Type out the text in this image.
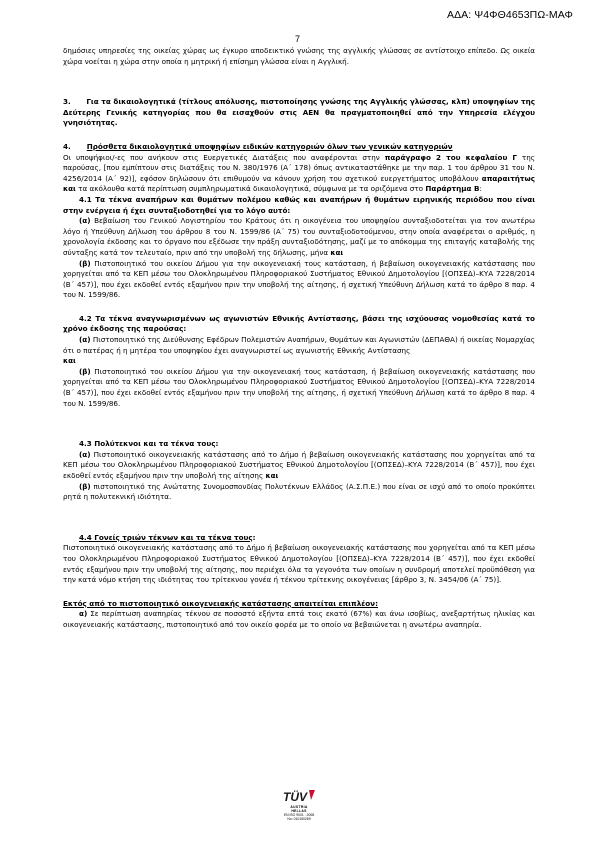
ΑΔΑ: Ψ4ΦΘ4653ΠΩ-ΜΑΦ
7

δημόσιες υπηρεσίες της οικείας χώρας ως έγκυρο αποδεικτικό γνώσης της αγγλικής γλώσσας σε αντίστοιχο επίπεδο. Ως οικεία χώρα νοείται η χώρα στην οποία η μητρική ή επίσημη γλώσσα είναι η Αγγλική.

3.      Για τα δικαιολογητικά (τίτλους απόλυσης, πιστοποίησης γνώσης της Αγγλικής γλώσσας, κλπ) υποψηφίων της Δεύτερης Γενικής κατηγορίας που θα εισαχθούν στις ΑΕΝ θα πραγματοποιηθεί από την Υπηρεσία ελέγχου γνησιότητας.

4. Πρόσθετα δικαιολογητικά υποψηφίων ειδικών κατηγοριών όλων των γενικών κατηγοριών

Οι υποψήφιοι/-ες που ανήκουν στις Ευεργετικές Διατάξεις που αναφέρονται στην παράγραφο 2 του κεφαλαίου Γ της παρούσας, [που εμπίπτουν στις διατάξεις του Ν. 380/1976 (Α΄ 178) όπως αντικαταστάθηκε με την παρ. 1 του άρθρου 31 του Ν. 4256/2014 (Α΄ 92)], εφόσον δηλώσουν ότι επιθυμούν να κάνουν χρήση του σχετικού ευεργετήματος υποβάλουν απαραιτήτως και τα ακόλουθα κατά περίπτωση συμπληρωματικά δικαιολογητικά, σύμφωνα με τα οριζόμενα στο Παράρτημα Β:

4.1 Τα τέκνα αναπήρων και θυμάτων πολέμου καθώς και αναπήρων ή θυμάτων ειρηνικής περιόδου που είναι στην ενέργεια ή έχει συνταξιοδοτηθεί για το λόγο αυτό:

(α) Βεβαίωση του Γενικού Λογιστηρίου του Κράτους ότι η οικογένεια του υποψηφίου συνταξιοδοτείται για τον ανωτέρω λόγο ή Υπεύθυνη Δήλωση του άρθρου 8 του Ν. 1599/86 (Α΄ 75) του συνταξιοδοτούμενου, στην οποία αναφέρεται ο αριθμός, η χρονολογία έκδοσης και το όργανο που εξέδωσε την πράξη συνταξιοδότησης, μαζί με το απόκομμα της επιταγής καταβολής της σύνταξης κατά τον τελευταίο, πριν από την υποβολή της δήλωσης, μήνα και

(β) Πιστοποιητικό του οικείου Δήμου για την οικογενειακή τους κατάσταση, ή βεβαίωση οικογενειακής κατάστασης που χορηγείται από τα ΚΕΠ μέσω του Ολοκληρωμένου Πληροφοριακού Συστήματος Εθνικού Δημοτολογίου [(ΟΠΣΕΔ)–ΚΥΑ 7228/2014 (Β΄ 457)], που έχει εκδοθεί εντός εξαμήνου πριν την υποβολή της αίτησης, ή σχετική Υπεύθυνη Δήλωση κατά το άρθρο 8 παρ. 4 του Ν. 1599/86.

4.2 Τα τέκνα αναγνωρισμένων ως αγωνιστών Εθνικής Αντίστασης, βάσει της ισχύουσας νομοθεσίας κατά το χρόνο έκδοσης της παρούσας:

(α) Πιστοποιητικό της Διεύθυνσης Εφέδρων Πολεμιστών Αναπήρων, Θυμάτων και Αγωνιστών (ΔΕΠΑΘΑ) ή οικείας Νομαρχίας ότι ο πατέρας ή η μητέρα του υποψηφίου έχει αναγνωριστεί ως αγωνιστής Εθνικής Αντίστασης

και

(β) Πιστοποιητικό του οικείου Δήμου για την οικογενειακή τους κατάσταση, ή βεβαίωση οικογενειακής κατάστασης που χορηγείται από τα ΚΕΠ μέσω του Ολοκληρωμένου Πληροφοριακού Συστήματος Εθνικού Δημοτολογίου [(ΟΠΣΕΔ)–ΚΥΑ 7228/2014 (Β΄ 457)], που έχει εκδοθεί εντός εξαμήνου πριν την υποβολή της αίτησης, ή σχετική Υπεύθυνη Δήλωση κατά το άρθρο 8 παρ. 4 του Ν. 1599/86.

4.3 Πολύτεκνοι και τα τέκνα τους:

(α) Πιστοποιητικό οικογενειακής κατάστασης από το Δήμο ή βεβαίωση οικογενειακής κατάστασης που χορηγείται από τα ΚΕΠ μέσω του Ολοκληρωμένου Πληροφοριακού Συστήματος Εθνικού Δημοτολογίου [(ΟΠΣΕΔ)–ΚΥΑ 7228/2014 (Β΄ 457)], που έχει εκδοθεί εντός εξαμήνου πριν την υποβολή της αίτησης και

(β) πιστοποιητικό της Ανώτατης Συνομοσπονδίας Πολυτέκνων Ελλάδος (Α.Σ.Π.Ε.) που είναι σε ισχύ από το οποίο προκύπτει ρητά η πολυτεκνική ιδιότητα.

4.4 Γονείς τριών τέκνων και τα τέκνα τους:

Πιστοποιητικό οικογενειακής κατάστασης από το Δήμο ή βεβαίωση οικογενειακής κατάστασης που χορηγείται από τα ΚΕΠ μέσω του Ολοκληρωμένου Πληροφοριακού Συστήματος Εθνικού Δημοτολογίου [(ΟΠΣΕΔ)–ΚΥΑ 7228/2014 (Β΄ 457)], που έχει εκδοθεί εντός εξαμήνου πριν την υποβολή της αίτησης, που περιέχει όλα τα γεγονότα των οποίων η συνδρομή αποτελεί προϋπόθεση για την κατά νόμο κτήση της ιδιότητας του τρίτεκνου γονέα ή τέκνου τρίτεκνης οικογένειας [άρθρο 3, Ν. 3454/06 (Α΄ 75)].

Εκτός από το πιστοποιητικό οικογενειακής κατάστασης απαιτείται επιπλέον:

α) Σε περίπτωση αναπηρίας τέκνου σε ποσοστό εξήντα επτά τοις εκατό (67%) και άνω ισοβίως, ανεξαρτήτως ηλικίας και οικογενειακής κατάστασης, πιστοποιητικό από τον οικείο φορέα με το οποίο να βεβαιώνεται η ανωτέρω αναπηρία.

TÜV
AUSTRIA
HELLAS
EN ISO 9001 : 2008
No: 010150269
